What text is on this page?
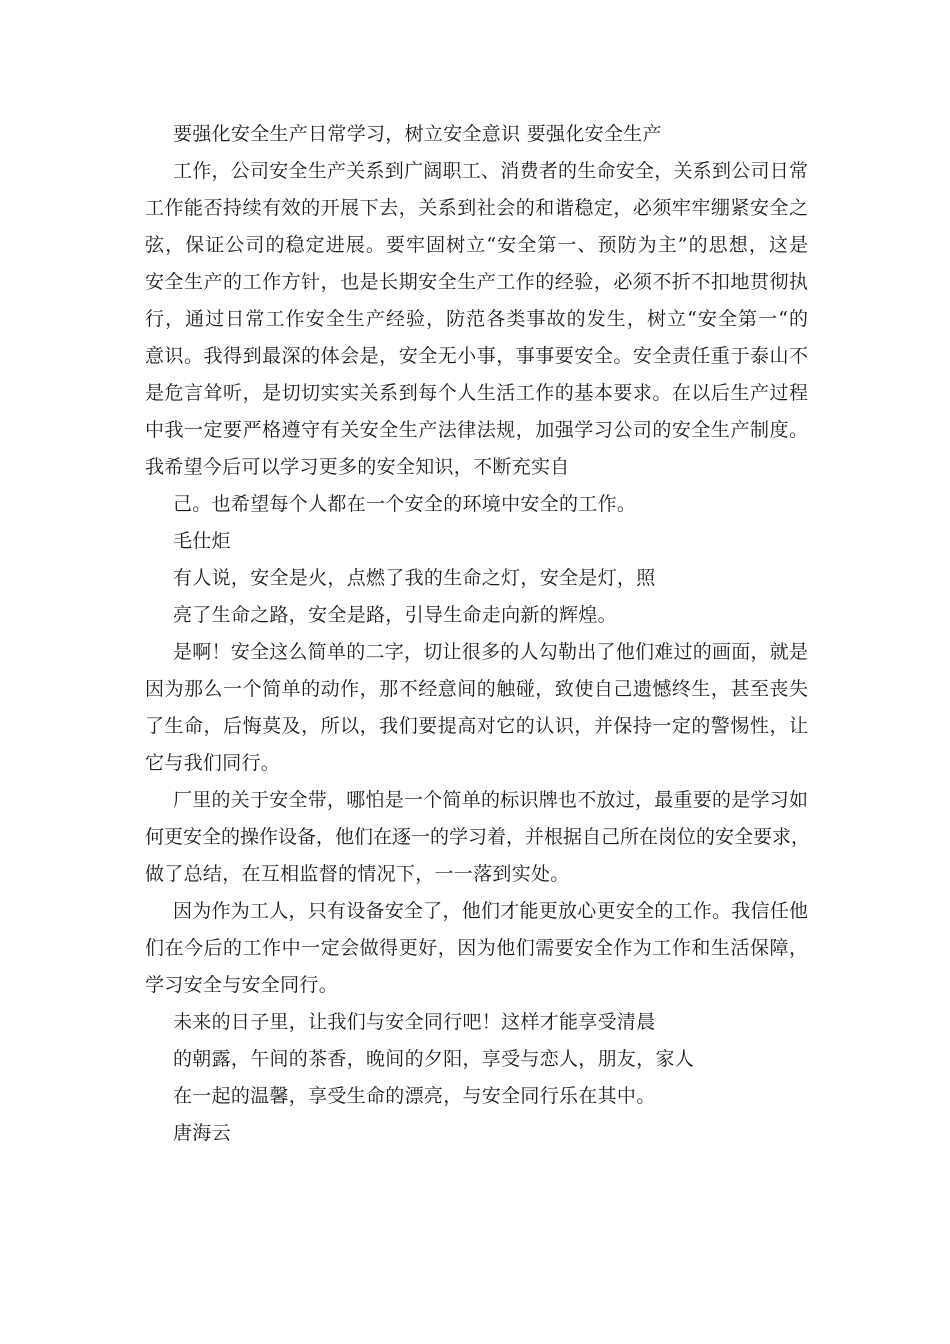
要强化安全生产日常学习，树立安全意识 要强化安全生产
工作，公司安全生产关系到广阔职工、消费者的生命安全，关系到公司日常
工作能否持续有效的开展下去，关系到社会的和谐稳定，必须牢牢绷紧安全之
弦，保证公司的稳定进展。要牢固树立“安全第一、预防为主”的思想，这是
安全生产的工作方针，也是长期安全生产工作的经验，必须不折不扣地贯彻执
行，通过日常工作安全生产经验，防范各类事故的发生，树立“安全第一“的
意识。我得到最深的体会是，安全无小事，事事要安全。安全责任重于泰山不
是危言耸听，是切切实实关系到每个人生活工作的基本要求。在以后生产过程
中我一定要严格遵守有关安全生产法律法规，加强学习公司的安全生产制度。
我希望今后可以学习更多的安全知识，不断充实自
己。也希望每个人都在一个安全的环境中安全的工作。
毛仕炬
有人说，安全是火，点燃了我的生命之灯，安全是灯，照
亮了生命之路，安全是路，引导生命走向新的辉煌。
是啊！安全这么简单的二字，切让很多的人勾勒出了他们难过的画面，就是
因为那么一个简单的动作，那不经意间的触碰，致使自己遗憾终生，甚至丧失
了生命，后悔莫及，所以，我们要提高对它的认识，并保持一定的警惕性，让
它与我们同行。
厂里的关于安全带，哪怕是一个简单的标识牌也不放过，最重要的是学习如
何更安全的操作设备，他们在逐一的学习着，并根据自己所在岗位的安全要求，
做了总结，在互相监督的情况下，一一落到实处。
因为作为工人，只有设备安全了，他们才能更放心更安全的工作。我信任他
们在今后的工作中一定会做得更好，因为他们需要安全作为工作和生活保障，
学习安全与安全同行。
未来的日子里，让我们与安全同行吧！这样才能享受清晨
的朝露，午间的茶香，晚间的夕阳，享受与恋人，朋友，家人
在一起的温馨，享受生命的漂亮，与安全同行乐在其中。
唐海云
